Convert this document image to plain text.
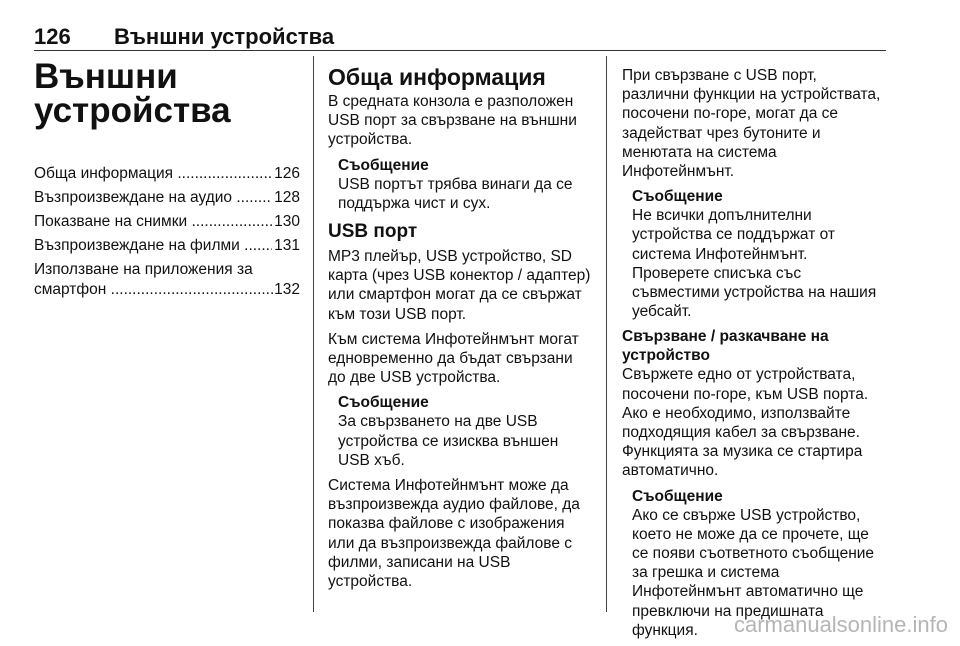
126 Външни устройства
Външни устройства
Обща информация .....	126
Възпроизвеждане на аудио .....	128
Показване на снимки .....	130
Възпроизвеждане на филми .....	131
Използване на приложения за
смартфон .....	132
Обща информация

В средната конзола е разположен USB порт за свързване на външни устройства.

Съобщение

USB портът трябва винаги да се поддържа чист и сух.

USB порт

MP3 плейър, USB устройство, SD карта (чрез USB конектор / адаптер) или смартфон могат да се свържат към този USB порт.

Към система Инфотейнмънт могат едновременно да бъдат свързани до две USB устройства.

Съобщение

За свързването на две USB устройства се изисква външен USB хъб.

Система Инфотейнмънт може да възпроизвежда аудио файлове, да показва файлове с изображения или да възпроизвежда файлове с филми, записани на USB устройства.

При свързване с USB порт, различни функции на устройствата, посочени по-горе, могат да се задействат чрез бутоните и менютата на система Инфотейнмънт.

Съобщение

Не всички допълнителни устройства се поддържат от система Инфотейнмънт. Проверете списъка със съвместими устройства на нашия уебсайт.

Свързване / разкачване на устройство

Свържете едно от устройствата, посочени по-горе, към USB порта. Ако е необходимо, използвайте подходящия кабел за свързване. Функцията за музика се стартира автоматично.

Съобщение

Ако се свърже USB устройство, което не може да се прочете, ще се появи съответното съобщение за грешка и система Инфотейнмънт автоматично ще превключи на предишната функция.	carmanualsonline.info
